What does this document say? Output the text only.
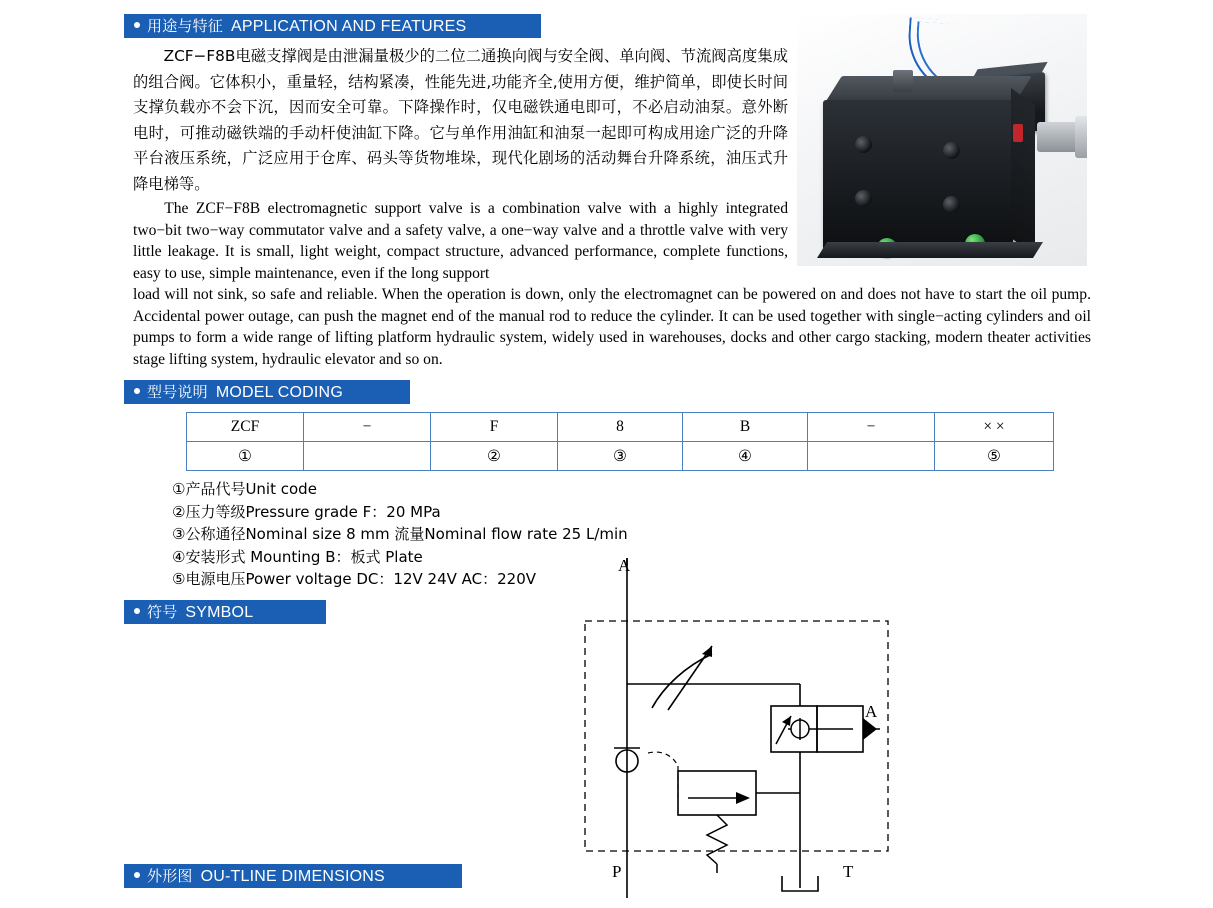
用途与特征 APPLICATION AND FEATURES
ZCF−F8B电磁支撑阀是由泄漏量极少的二位二通换向阀与安全阀、单向阀、节流阀高度集成的组合阀。它体积小，重量轻，结构紧凑，性能先进,功能齐全,使用方便，维护简单，即使长时间支撑负载亦不会下沉，因而安全可靠。下降操作时，仅电磁铁通电即可，不必启动油泵。意外断电时，可推动磁铁端的手动杆使油缸下降。它与单作用油缸和油泵一起即可构成用途广泛的升降平台液压系统，广泛应用于仓库、码头等货物堆垛，现代化剧场的活动舞台升降系统，油压式升降电梯等。
The ZCF−F8B electromagnetic support valve is a combination valve with a highly integrated two−bit two−way commutator valve and a safety valve, a one−way valve and a throttle valve with very little leakage. It is small, light weight, compact structure, advanced performance, complete functions, easy to use, simple maintenance, even if the long support
load will not sink, so safe and reliable. When the operation is down, only the electromagnet can be powered on and does not have to start the oil pump. Accidental power outage, can push the magnet end of the manual rod to reduce the cylinder. It can be used together with single−acting cylinders and oil pumps to form a wide range of lifting platform hydraulic system, widely used in warehouses, docks and other cargo stacking, modern theater activities stage lifting system, hydraulic elevator and so on.
型号说明 MODEL CODING
ZCF	−	F	8	B	−	× ×
①		②	③	④		⑤
①产品代号Unit code
②压力等级Pressure grade F：20 MPa
③公称通径Nominal size 8 mm 流量Nominal flow rate 25 L/min
④安装形式 Mounting B：板式 Plate
⑤电源电压Power voltage DC：12V 24V AC：220V
符号 SYMBOL
A
A
P	T
外形图 OU-TLINE DIMENSIONS
